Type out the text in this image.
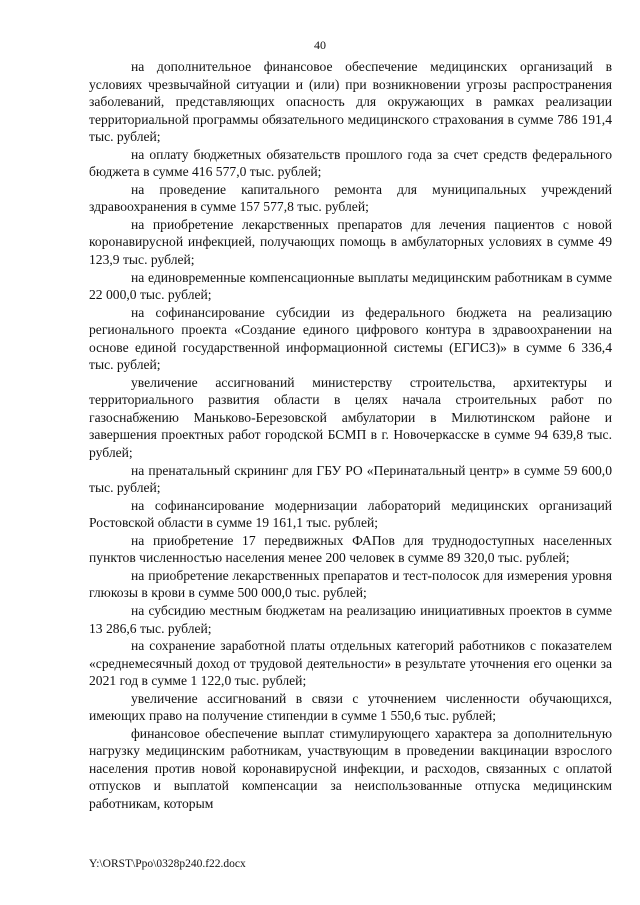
40

на дополнительное финансовое обеспечение медицинских организаций в условиях чрезвычайной ситуации и (или) при возникновении угрозы распространения заболеваний, представляющих опасность для окружающих в рамках реализации территориальной программы обязательного медицинского страхования в сумме 786 191,4 тыс. рублей;

на оплату бюджетных обязательств прошлого года за счет средств федерального бюджета в сумме 416 577,0 тыс. рублей;

на проведение капитального ремонта для муниципальных учреждений здравоохранения в сумме 157 577,8 тыс. рублей;

на приобретение лекарственных препаратов для лечения пациентов с новой коронавирусной инфекцией, получающих помощь в амбулаторных условиях в сумме 49 123,9 тыс. рублей;

на единовременные компенсационные выплаты медицинским работникам в сумме 22 000,0 тыс. рублей;

на софинансирование субсидии из федерального бюджета на реализацию регионального проекта «Создание единого цифрового контура в здравоохранении на основе единой государственной информационной системы (ЕГИСЗ)» в сумме 6 336,4 тыс. рублей;

увеличение ассигнований министерству строительства, архитектуры и территориального развития области в целях начала строительных работ по газоснабжению Маньково-Березовской амбулатории в Милютинском районе и завершения проектных работ городской БСМП в г. Новочеркасске в сумме 94 639,8 тыс. рублей;

на пренатальный скрининг для ГБУ РО «Перинатальный центр» в сумме 59 600,0 тыс. рублей;

на софинансирование модернизации лабораторий медицинских организаций Ростовской области в сумме 19 161,1 тыс. рублей;

на приобретение 17 передвижных ФАПов для труднодоступных населенных пунктов численностью населения менее 200 человек в сумме 89 320,0 тыс. рублей;

на приобретение лекарственных препаратов и тест-полосок для измерения уровня глюкозы в крови в сумме 500 000,0 тыс. рублей;

на субсидию местным бюджетам на реализацию инициативных проектов в сумме 13 286,6 тыс. рублей;

на сохранение заработной платы отдельных категорий работников с показателем «среднемесячный доход от трудовой деятельности» в результате уточнения его оценки за 2021 год в сумме 1 122,0 тыс. рублей;

увеличение ассигнований в связи с уточнением численности обучающихся, имеющих право на получение стипендии в сумме 1 550,6 тыс. рублей;

финансовое обеспечение выплат стимулирующего характера за дополнительную нагрузку медицинским работникам, участвующим в проведении вакцинации взрослого населения против новой коронавирусной инфекции, и расходов, связанных с оплатой отпусков и выплатой компенсации за неиспользованные отпуска медицинским работникам, которым

Y:\ORST\Ppo\0328p240.f22.docx
